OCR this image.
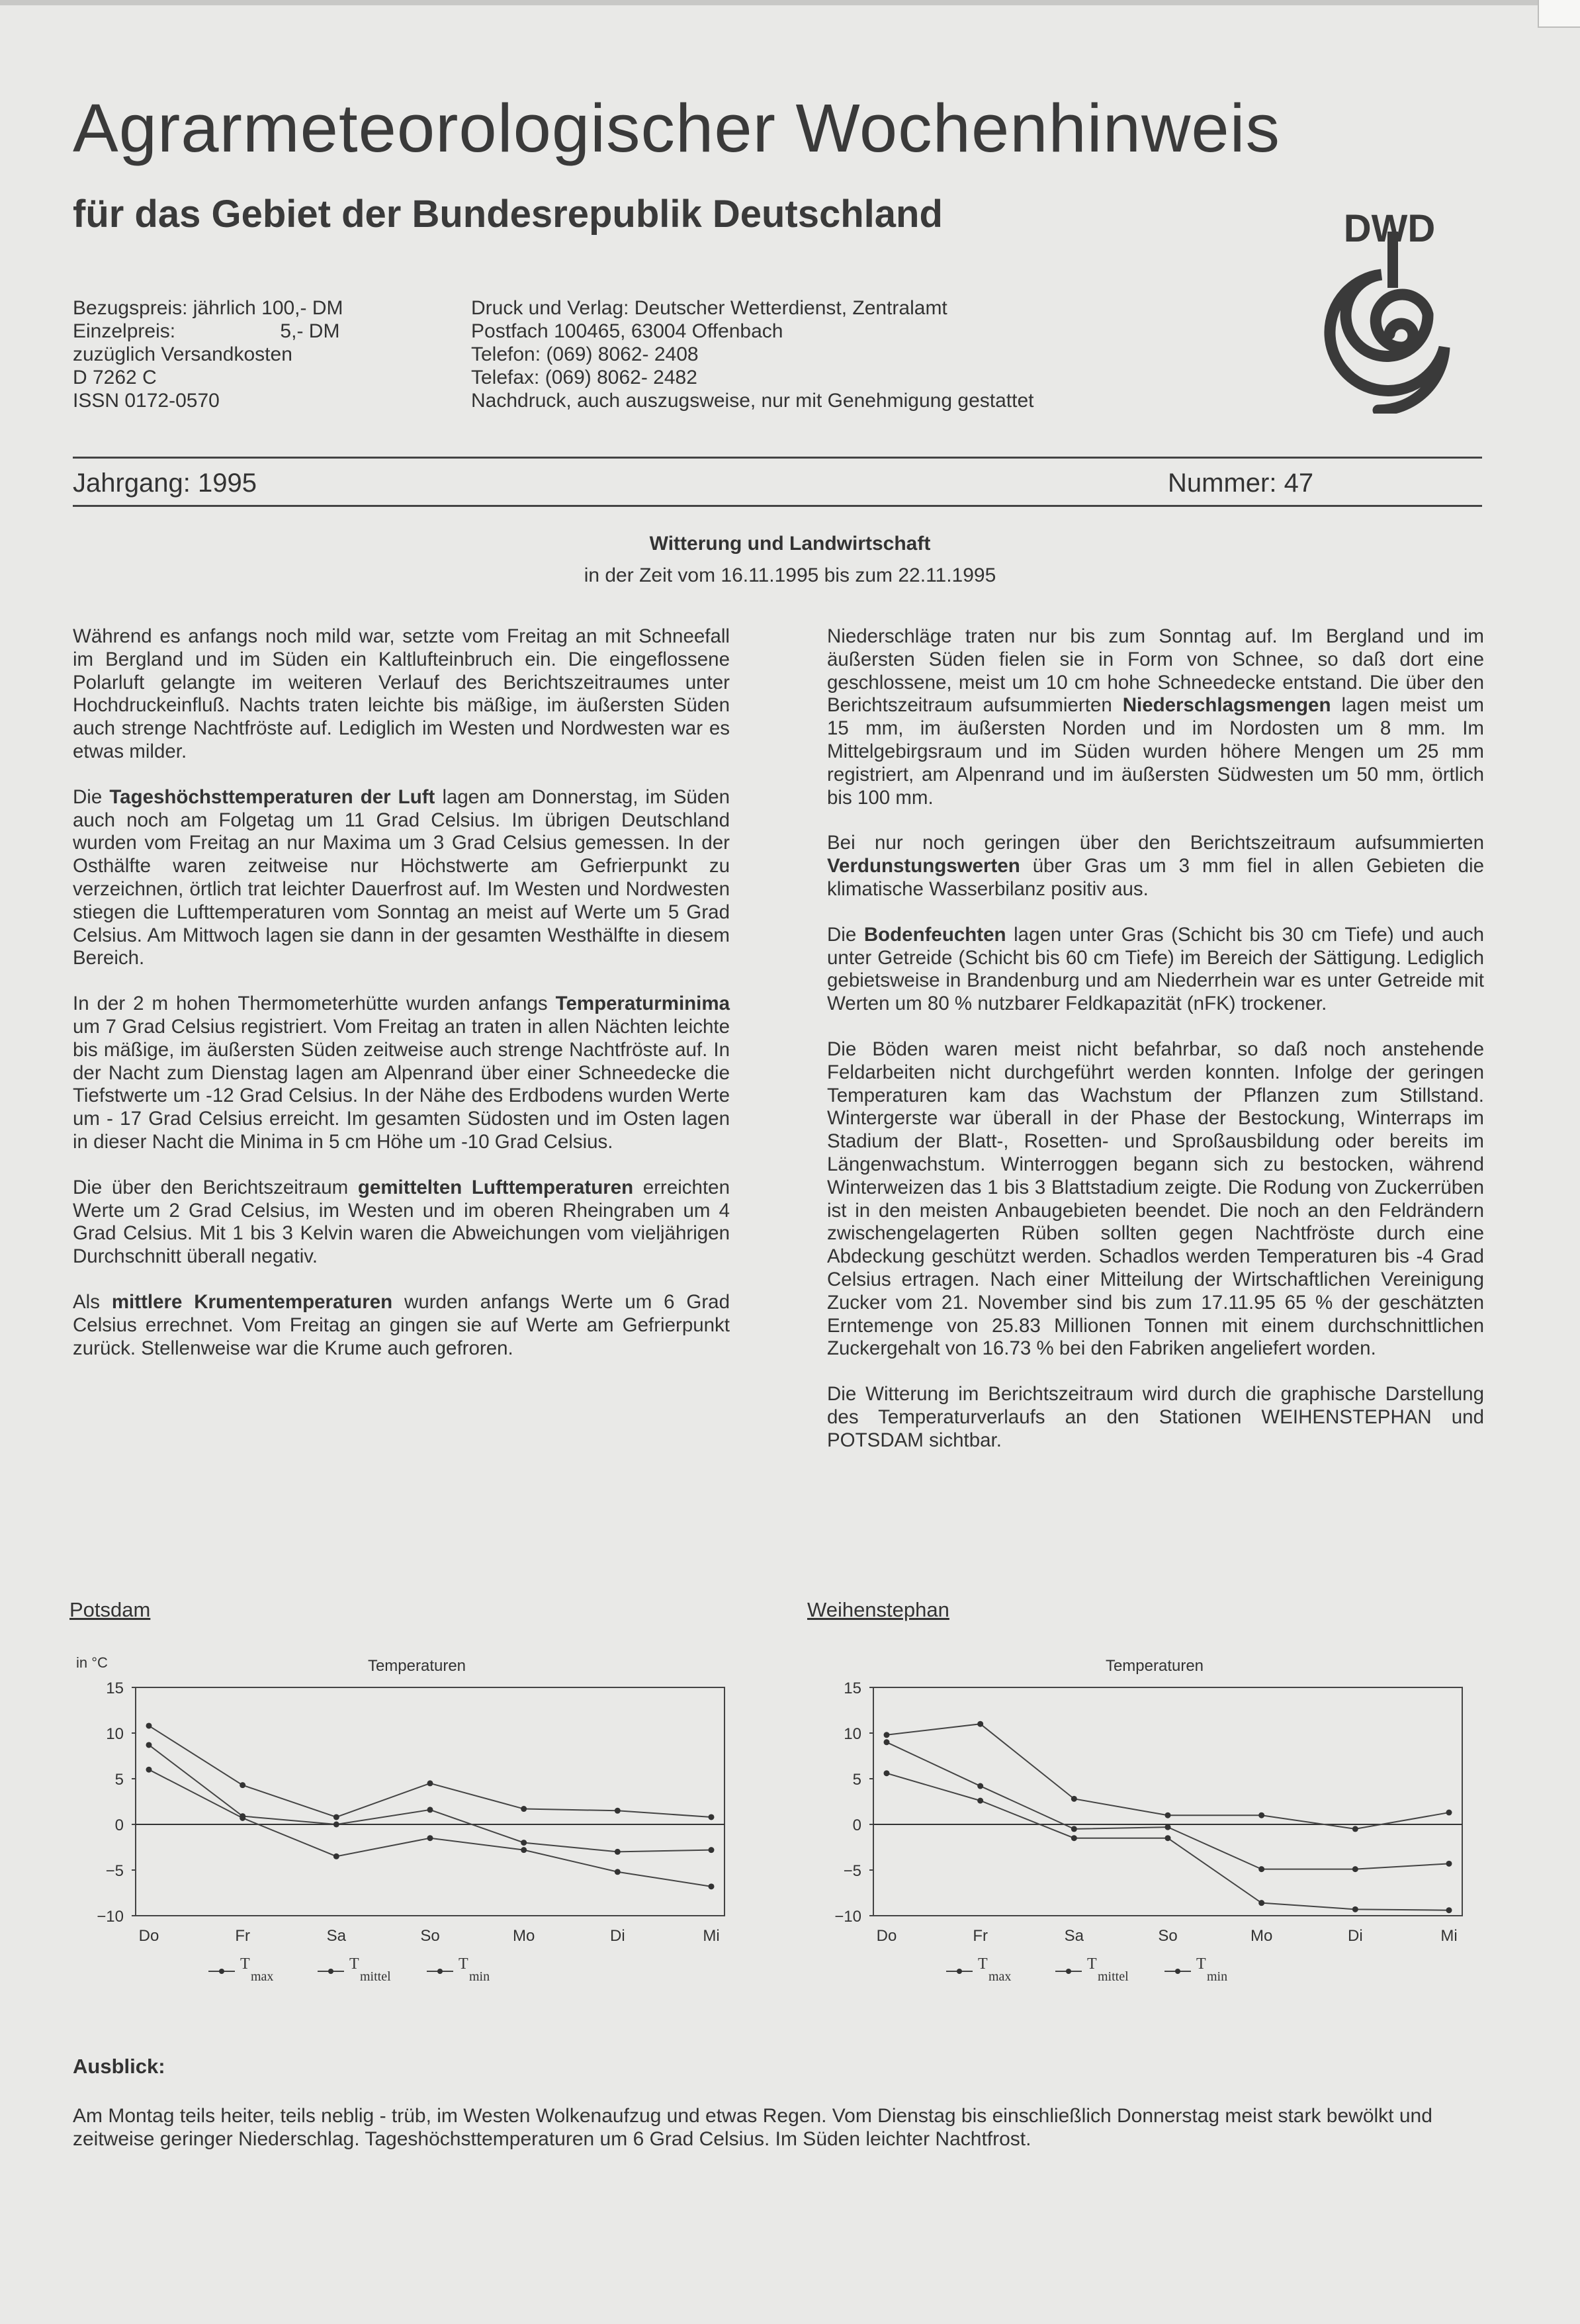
Agrarmeteorologischer Wochenhinweis
für das Gebiet der Bundesrepublik Deutschland
Bezugspreis: jährlich 100,- DM
Einzelpreis:                   5,- DM
zuzüglich Versandkosten
D 7262 C
ISSN 0172-0570
Druck und Verlag: Deutscher Wetterdienst, Zentralamt
Postfach 100465, 63004 Offenbach
Telefon: (069) 8062- 2408
Telefax: (069) 8062- 2482
Nachdruck, auch auszugsweise, nur mit Genehmigung gestattet
DWD
Jahrgang: 1995	Nummer: 47
Witterung und Landwirtschaft
in der Zeit vom 16.11.1995 bis zum 22.11.1995

Während es anfangs noch mild war, setzte vom Freitag an mit Schneefall im Bergland und im Süden ein Kaltlufteinbruch ein. Die eingeflossene Polarluft gelangte im weiteren Verlauf des Berichtszeitraumes unter Hochdruckeinfluß. Nachts traten leichte bis mäßige, im äußersten Süden auch strenge Nachtfröste auf. Lediglich im Westen und Nordwesten war es etwas milder.

Die Tageshöchsttemperaturen der Luft lagen am Donnerstag, im Süden auch noch am Folgetag um 11 Grad Celsius. Im übrigen Deutschland wurden vom Freitag an nur Maxima um 3 Grad Celsius gemessen. In der Osthälfte waren zeitweise nur Höchstwerte am Gefrierpunkt zu verzeichnen, örtlich trat leichter Dauerfrost auf. Im Westen und Nordwesten stiegen die Lufttemperaturen vom Sonntag an meist auf Werte um 5 Grad Celsius. Am Mittwoch lagen sie dann in der gesamten Westhälfte in diesem Bereich.

In der 2 m hohen Thermometerhütte wurden anfangs Temperaturminima um 7 Grad Celsius registriert. Vom Freitag an traten in allen Nächten leichte bis mäßige, im äußersten Süden zeitweise auch strenge Nachtfröste auf. In der Nacht zum Dienstag lagen am Alpenrand über einer Schneedecke die Tiefstwerte um -12 Grad Celsius. In der Nähe des Erdbodens wurden Werte um - 17 Grad Celsius erreicht. Im gesamten Südosten und im Osten lagen in dieser Nacht die Minima in 5 cm Höhe um -10 Grad Celsius.

Die über den Berichtszeitraum gemittelten Lufttemperaturen erreichten Werte um 2 Grad Celsius, im Westen und im oberen Rheingraben um 4 Grad Celsius. Mit 1 bis 3 Kelvin waren die Abweichungen vom vieljährigen Durchschnitt überall negativ.

Als mittlere Krumentemperaturen wurden anfangs Werte um 6 Grad Celsius errechnet. Vom Freitag an gingen sie auf Werte am Gefrierpunkt zurück. Stellenweise war die Krume auch gefroren.

Niederschläge traten nur bis zum Sonntag auf. Im Bergland und im äußersten Süden fielen sie in Form von Schnee, so daß dort eine geschlossene, meist um 10 cm hohe Schneedecke entstand. Die über den Berichtszeitraum aufsummierten Niederschlagsmengen lagen meist um 15 mm, im äußersten Norden und im Nordosten um 8 mm. Im Mittelgebirgsraum und im Süden wurden höhere Mengen um 25 mm registriert, am Alpenrand und im äußersten Südwesten um 50 mm, örtlich bis 100 mm.

Bei nur noch geringen über den Berichtszeitraum aufsummierten Verdunstungswerten über Gras um 3 mm fiel in allen Gebieten die klimatische Wasserbilanz positiv aus.

Die Bodenfeuchten lagen unter Gras (Schicht bis 30 cm Tiefe) und auch unter Getreide (Schicht bis 60 cm Tiefe) im Bereich der Sättigung. Lediglich gebietsweise in Brandenburg und am Niederrhein war es unter Getreide mit Werten um 80 % nutzbarer Feldkapazität (nFK) trockener.

Die Böden waren meist nicht befahrbar, so daß noch anstehende Feldarbeiten nicht durchgeführt werden konnten. Infolge der geringen Temperaturen kam das Wachstum der Pflanzen zum Stillstand. Wintergerste war überall in der Phase der Bestockung, Winterraps im Stadium der Blatt-, Rosetten- und Sproßausbildung oder bereits im Längenwachstum. Winterroggen begann sich zu bestocken, während Winterweizen das 1 bis 3 Blattstadium zeigte. Die Rodung von Zuckerrüben ist in den meisten Anbaugebieten beendet. Die noch an den Feldrändern zwischengelagerten Rüben sollten gegen Nachtfröste durch eine Abdeckung geschützt werden. Schadlos werden Temperaturen bis -4 Grad Celsius ertragen. Nach einer Mitteilung der Wirtschaftlichen Vereinigung Zucker vom 21. November sind bis zum 17.11.95 65 % der geschätzten Erntemenge von 25.83 Millionen Tonnen mit einem durchschnittlichen Zuckergehalt von 16.73 % bei den Fabriken angeliefert worden.

Die Witterung im Berichtszeitraum wird durch die graphische Darstellung des Temperaturverlaufs an den Stationen WEIHENSTEPHAN und POTSDAM sichtbar.

Potsdam	Weihenstephan
15
10
5
0
−5
−10
in °C	Temperaturen
Do	Fr	Sa	So	Mo	Di	Mi
T
max
T
mittel
T
min
15
10
5
0
−5
−10
Temperaturen
Do	Fr	Sa	So	Mo	Di	Mi
T
max
T
mittel
T
min
Ausblick:
Am Montag teils heiter, teils neblig - trüb, im Westen Wolkenaufzug und etwas Regen. Vom Dienstag bis einschließlich Donnerstag meist stark bewölkt und zeitweise geringer Niederschlag. Tageshöchsttemperaturen um 6 Grad Celsius. Im Süden leichter Nachtfrost.
